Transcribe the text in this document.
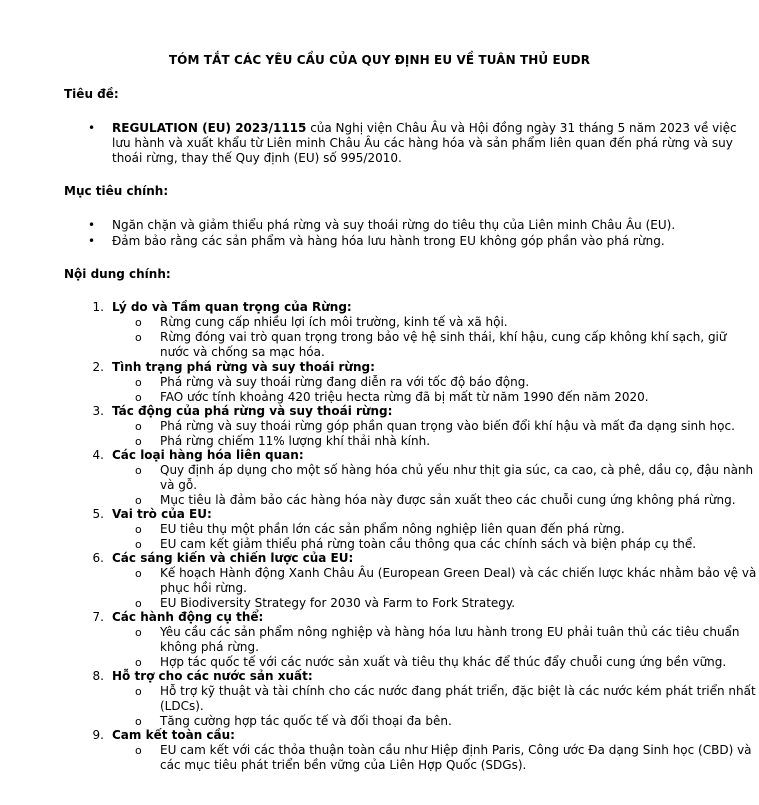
TÓM TẮT CÁC YÊU CẦU CỦA QUY ĐỊNH EU VỀ TUÂN THỦ EUDR
Tiêu đề:
• REGULATION (EU) 2023/1115 của Nghị viện Châu Âu và Hội đồng ngày 31 tháng 5 năm 2023 về việc
lưu hành và xuất khẩu từ Liên minh Châu Âu các hàng hóa và sản phẩm liên quan đến phá rừng và suy
thoái rừng, thay thế Quy định (EU) số 995/2010.
Mục tiêu chính:
• Ngăn chặn và giảm thiểu phá rừng và suy thoái rừng do tiêu thụ của Liên minh Châu Âu (EU).
• Đảm bảo rằng các sản phẩm và hàng hóa lưu hành trong EU không góp phần vào phá rừng.
Nội dung chính:
1. Lý do và Tầm quan trọng của Rừng:
o Rừng cung cấp nhiều lợi ích môi trường, kinh tế và xã hội.
o Rừng đóng vai trò quan trọng trong bảo vệ hệ sinh thái, khí hậu, cung cấp không khí sạch, giữ
nước và chống sa mạc hóa.
2. Tình trạng phá rừng và suy thoái rừng:
o Phá rừng và suy thoái rừng đang diễn ra với tốc độ báo động.
o FAO ước tính khoảng 420 triệu hecta rừng đã bị mất từ năm 1990 đến năm 2020.
3. Tác động của phá rừng và suy thoái rừng:
o Phá rừng và suy thoái rừng góp phần quan trọng vào biến đổi khí hậu và mất đa dạng sinh học.
o Phá rừng chiếm 11% lượng khí thải nhà kính.
4. Các loại hàng hóa liên quan:
o Quy định áp dụng cho một số hàng hóa chủ yếu như thịt gia súc, ca cao, cà phê, dầu cọ, đậu nành
và gỗ.
o Mục tiêu là đảm bảo các hàng hóa này được sản xuất theo các chuỗi cung ứng không phá rừng.
5. Vai trò của EU:
o EU tiêu thụ một phần lớn các sản phẩm nông nghiệp liên quan đến phá rừng.
o EU cam kết giảm thiểu phá rừng toàn cầu thông qua các chính sách và biện pháp cụ thể.
6. Các sáng kiến và chiến lược của EU:
o Kế hoạch Hành động Xanh Châu Âu (European Green Deal) và các chiến lược khác nhằm bảo vệ và
phục hồi rừng.
o EU Biodiversity Strategy for 2030 và Farm to Fork Strategy.
7. Các hành động cụ thể:
o Yêu cầu các sản phẩm nông nghiệp và hàng hóa lưu hành trong EU phải tuân thủ các tiêu chuẩn
không phá rừng.
o Hợp tác quốc tế với các nước sản xuất và tiêu thụ khác để thúc đẩy chuỗi cung ứng bền vững.
8. Hỗ trợ cho các nước sản xuất:
o Hỗ trợ kỹ thuật và tài chính cho các nước đang phát triển, đặc biệt là các nước kém phát triển nhất
(LDCs).
o Tăng cường hợp tác quốc tế và đối thoại đa bên.
9. Cam kết toàn cầu:
o EU cam kết với các thỏa thuận toàn cầu như Hiệp định Paris, Công ước Đa dạng Sinh học (CBD) và
các mục tiêu phát triển bền vững của Liên Hợp Quốc (SDGs).
